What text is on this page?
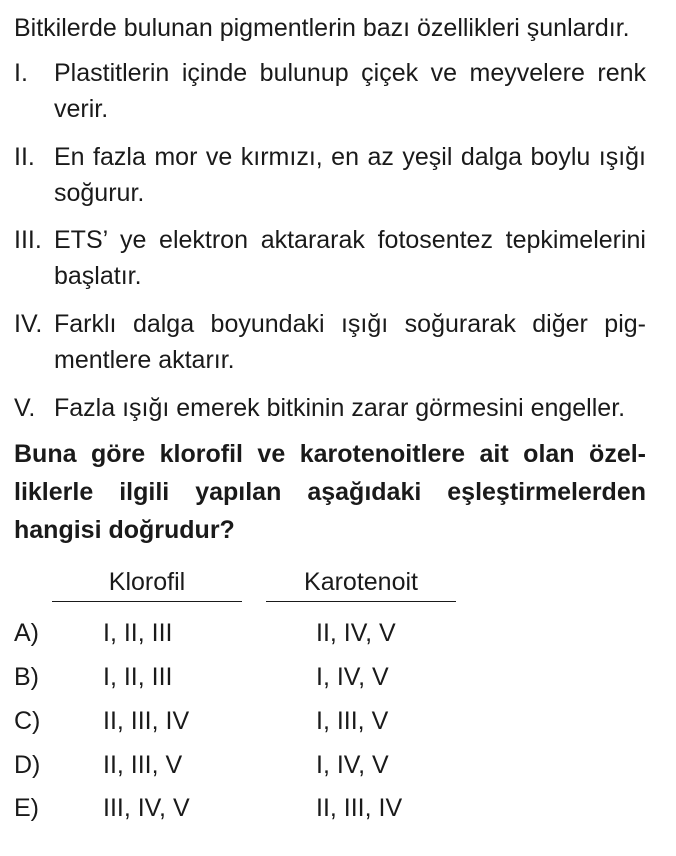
Bitkilerde bulunan pigmentlerin bazı özellikleri şunlardır.
I. Plastitlerin içinde bulunup çiçek ve meyvelere renk verir.
II. En fazla mor ve kırmızı, en az yeşil dalga boylu ışığı soğurur.
III. ETS’ ye elektron aktararak fotosentez tepkimelerini başlatır.
IV. Farklı dalga boyundaki ışığı soğurarak diğer pig-mentlere aktarır.
V. Fazla ışığı emerek bitkinin zarar görmesini engeller.
Buna göre klorofil ve karotenoitlere ait olan özel-liklerle ilgili yapılan aşağıdaki eşleştirmelerden hangisi doğrudur?
Klorofil	Karotenoit
A)	I, II, III	II, IV, V
B)	I, II, III	I, IV, V
C)	II, III, IV	I, III, V
D)	II, III, V	I, IV, V
E)	III, IV, V	II, III, IV
